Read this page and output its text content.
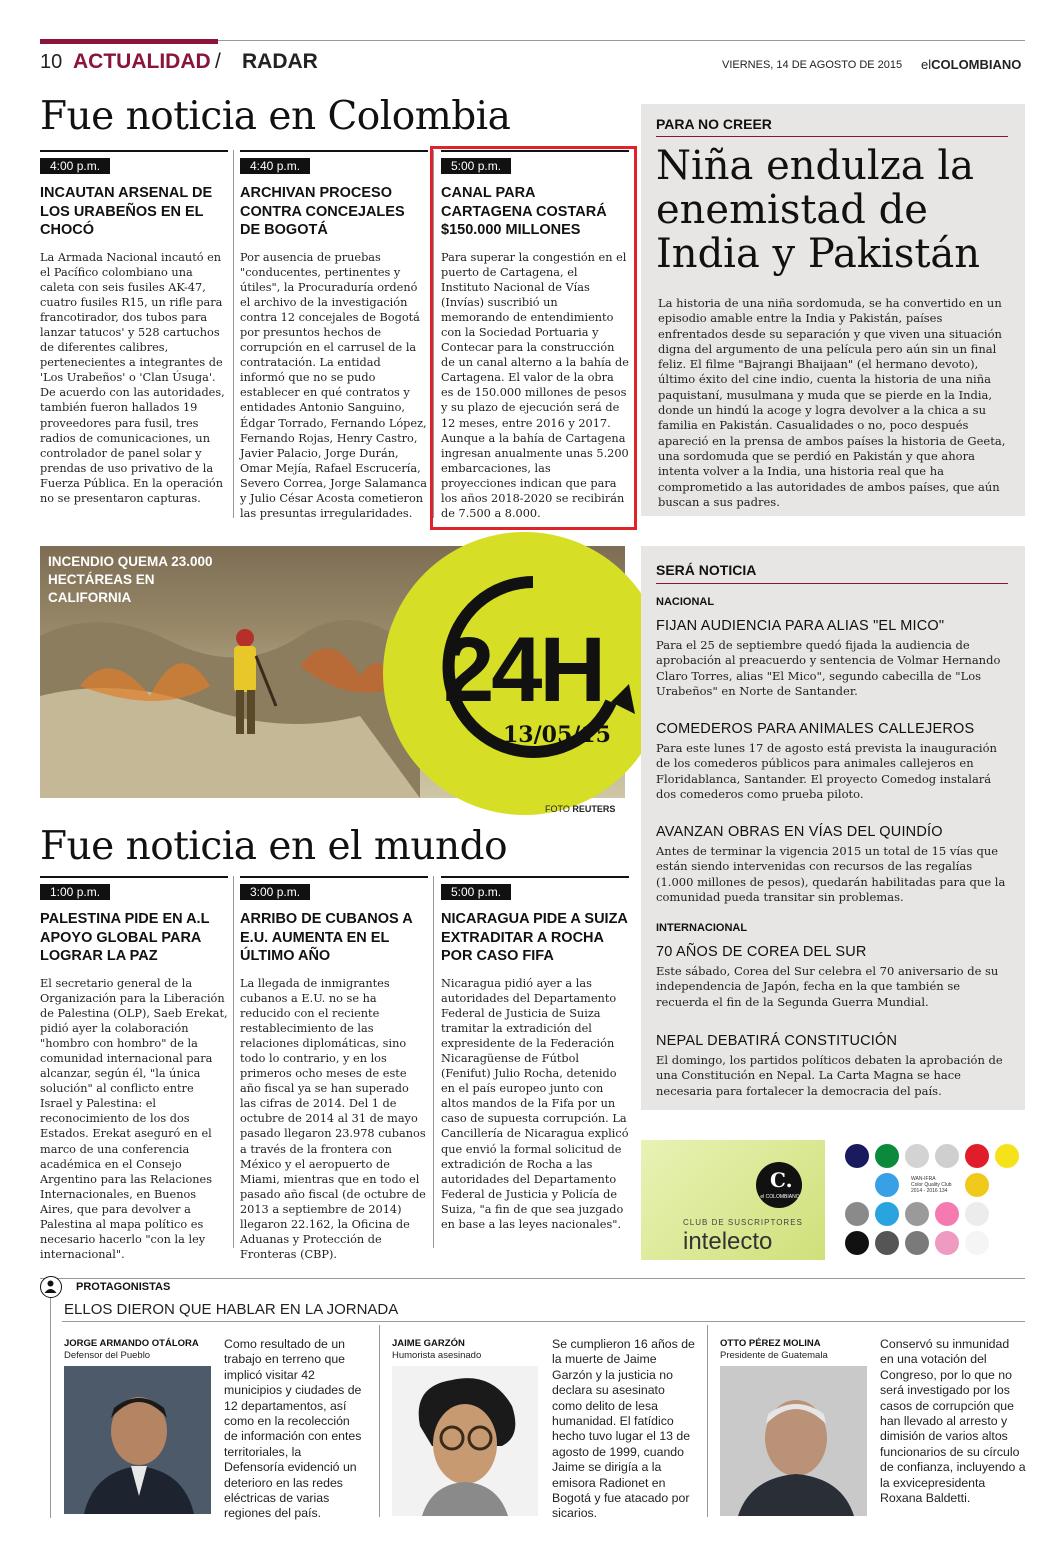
10 ACTUALIDAD / RADAR	VIERNES, 14 DE AGOSTO DE 2015 elCOLOMBIANO
Fue noticia en Colombia
4:00 p.m.
INCAUTAN ARSENAL DE LOS URABEÑOS EN EL CHOCÓ
La Armada Nacional incautó en el Pacífico colombiano una caleta con seis fusiles AK-47, cuatro fusiles R15, un rifle para francotirador, dos tubos para lanzar tatucos' y 528 cartuchos de diferentes calibres, pertenecientes a integrantes de 'Los Urabeños' o 'Clan Úsuga'. De acuerdo con las autoridades, también fueron hallados 19 proveedores para fusil, tres radios de comunicaciones, un controlador de panel solar y prendas de uso privativo de la Fuerza Pública. En la operación no se presentaron capturas.
4:40 p.m.
ARCHIVAN PROCESO CONTRA CONCEJALES DE BOGOTÁ
Por ausencia de pruebas "conducentes, pertinentes y útiles", la Procuraduría ordenó el archivo de la investigación contra 12 concejales de Bogotá por presuntos hechos de corrupción en el carrusel de la contratación. La entidad informó que no se pudo establecer en qué contratos y entidades Antonio Sanguino, Édgar Torrado, Fernando López, Fernando Rojas, Henry Castro, Javier Palacio, Jorge Durán, Omar Mejía, Rafael Escrucería, Severo Correa, Jorge Salamanca y Julio César Acosta cometieron las presuntas irregularidades.
5:00 p.m.
CANAL PARA CARTAGENA COSTARÁ $150.000 MILLONES
Para superar la congestión en el puerto de Cartagena, el Instituto Nacional de Vías (Invías) suscribió un memorando de entendimiento con la Sociedad Portuaria y Contecar para la construcción de un canal alterno a la bahía de Cartagena. El valor de la obra es de 150.000 millones de pesos y su plazo de ejecución será de 12 meses, entre 2016 y 2017. Aunque a la bahía de Cartagena ingresan anualmente unas 5.200 embarcaciones, las proyecciones indican que para los años 2018-2020 se recibirán de 7.500 a 8.000.
PARA NO CREER
Niña endulza la enemistad de India y Pakistán
La historia de una niña sordomuda, se ha convertido en un episodio amable entre la India y Pakistán, países enfrentados desde su separación y que viven una situación digna del argumento de una película pero aún sin un final feliz. El filme "Bajrangi Bhaijaan" (el hermano devoto), último éxito del cine indio, cuenta la historia de una niña paquistaní, musulmana y muda que se pierde en la India, donde un hindú la acoge y logra devolver a la chica a su familia en Pakistán. Casualidades o no, poco después apareció en la prensa de ambos países la historia de Geeta, una sordomuda que se perdió en Pakistán y que ahora intenta volver a la India, una historia real que ha comprometido a las autoridades de ambos países, que aún buscan a sus padres.
INCENDIO QUEMA 23.000 HECTÁREAS EN CALIFORNIA
24H
13/05/15
FOTO REUTERS
SERÁ NOTICIA
NACIONAL
FIJAN AUDIENCIA PARA ALIAS "EL MICO"
Para el 25 de septiembre quedó fijada la audiencia de aprobación al preacuerdo y sentencia de Volmar Hernando Claro Torres, alias "El Mico", segundo cabecilla de "Los Urabeños" en Norte de Santander.
COMEDEROS PARA ANIMALES CALLEJEROS
Para este lunes 17 de agosto está prevista la inauguración de los comederos públicos para animales callejeros en Floridablanca, Santander. El proyecto Comedog instalará dos comederos como prueba piloto.
AVANZAN OBRAS EN VÍAS DEL QUINDÍO
Antes de terminar la vigencia 2015 un total de 15 vías que están siendo intervenidas con recursos de las regalías (1.000 millones de pesos), quedarán habilitadas para que la comunidad pueda transitar sin problemas.
INTERNACIONAL
70 AÑOS DE COREA DEL SUR
Este sábado, Corea del Sur celebra el 70 aniversario de su independencia de Japón, fecha en la que también se recuerda el fin de la Segunda Guerra Mundial.
NEPAL DEBATIRÁ CONSTITUCIÓN
El domingo, los partidos políticos debaten la aprobación de una Constitución en Nepal. La Carta Magna se hace necesaria para fortalecer la democracia del país.
Fue noticia en el mundo
1:00 p.m.
PALESTINA PIDE EN A.L APOYO GLOBAL PARA LOGRAR LA PAZ
El secretario general de la Organización para la Liberación de Palestina (OLP), Saeb Erekat, pidió ayer la colaboración "hombro con hombro" de la comunidad internacional para alcanzar, según él, "la única solución" al conflicto entre Israel y Palestina: el reconocimiento de los dos Estados. Erekat aseguró en el marco de una conferencia académica en el Consejo Argentino para las Relaciones Internacionales, en Buenos Aires, que para devolver a Palestina al mapa político es necesario hacerlo "con la ley internacional".
3:00 p.m.
ARRIBO DE CUBANOS A E.U. AUMENTA EN EL ÚLTIMO AÑO
La llegada de inmigrantes cubanos a E.U. no se ha reducido con el reciente restablecimiento de las relaciones diplomáticas, sino todo lo contrario, y en los primeros ocho meses de este año fiscal ya se han superado las cifras de 2014. Del 1 de octubre de 2014 al 31 de mayo pasado llegaron 23.978 cubanos a través de la frontera con México y el aeropuerto de Miami, mientras que en todo el pasado año fiscal (de octubre de 2013 a septiembre de 2014) llegaron 22.162, la Oficina de Aduanas y Protección de Fronteras (CBP).
5:00 p.m.
NICARAGUA PIDE A SUIZA EXTRADITAR A ROCHA POR CASO FIFA
Nicaragua pidió ayer a las autoridades del Departamento Federal de Justicia de Suiza tramitar la extradición del expresidente de la Federación Nicaragüense de Fútbol (Fenifut) Julio Rocha, detenido en el país europeo junto con altos mandos de la Fifa por un caso de supuesta corrupción. La Cancillería de Nicaragua explicó que envió la formal solicitud de extradición de Rocha a las autoridades del Departamento Federal de Justicia y Policía de Suiza, "a fin de que sea juzgado en base a las leyes nacionales".
C.
el COLOMBIANO
CLUB DE SUSCRIPTORES
intelecto
WAN-IFRA
Color Quality Club
2014 - 2016 134
PROTAGONISTAS
ELLOS DIERON QUE HABLAR EN LA JORNADA
JORGE ARMANDO OTÁLORA
Defensor del Pueblo
Como resultado de un trabajo en terreno que implicó visitar 42 municipios y ciudades de 12 departamentos, así como en la recolección de información con entes territoriales, la Defensoría evidenció un deterioro en las redes eléctricas de varias regiones del país.
JAIME GARZÓN
Humorista asesinado
Se cumplieron 16 años de la muerte de Jaime Garzón y la justicia no declara su asesinato como delito de lesa humanidad. El fatídico hecho tuvo lugar el 13 de agosto de 1999, cuando Jaime se dirigía a la emisora Radionet en Bogotá y fue atacado por sicarios.
OTTO PÉREZ MOLINA
Presidente de Guatemala
Conservó su inmunidad en una votación del Congreso, por lo que no será investigado por los casos de corrupción que han llevado al arresto y dimisión de varios altos funcionarios de su círculo de confianza, incluyendo a la exvicepresidenta Roxana Baldetti.
